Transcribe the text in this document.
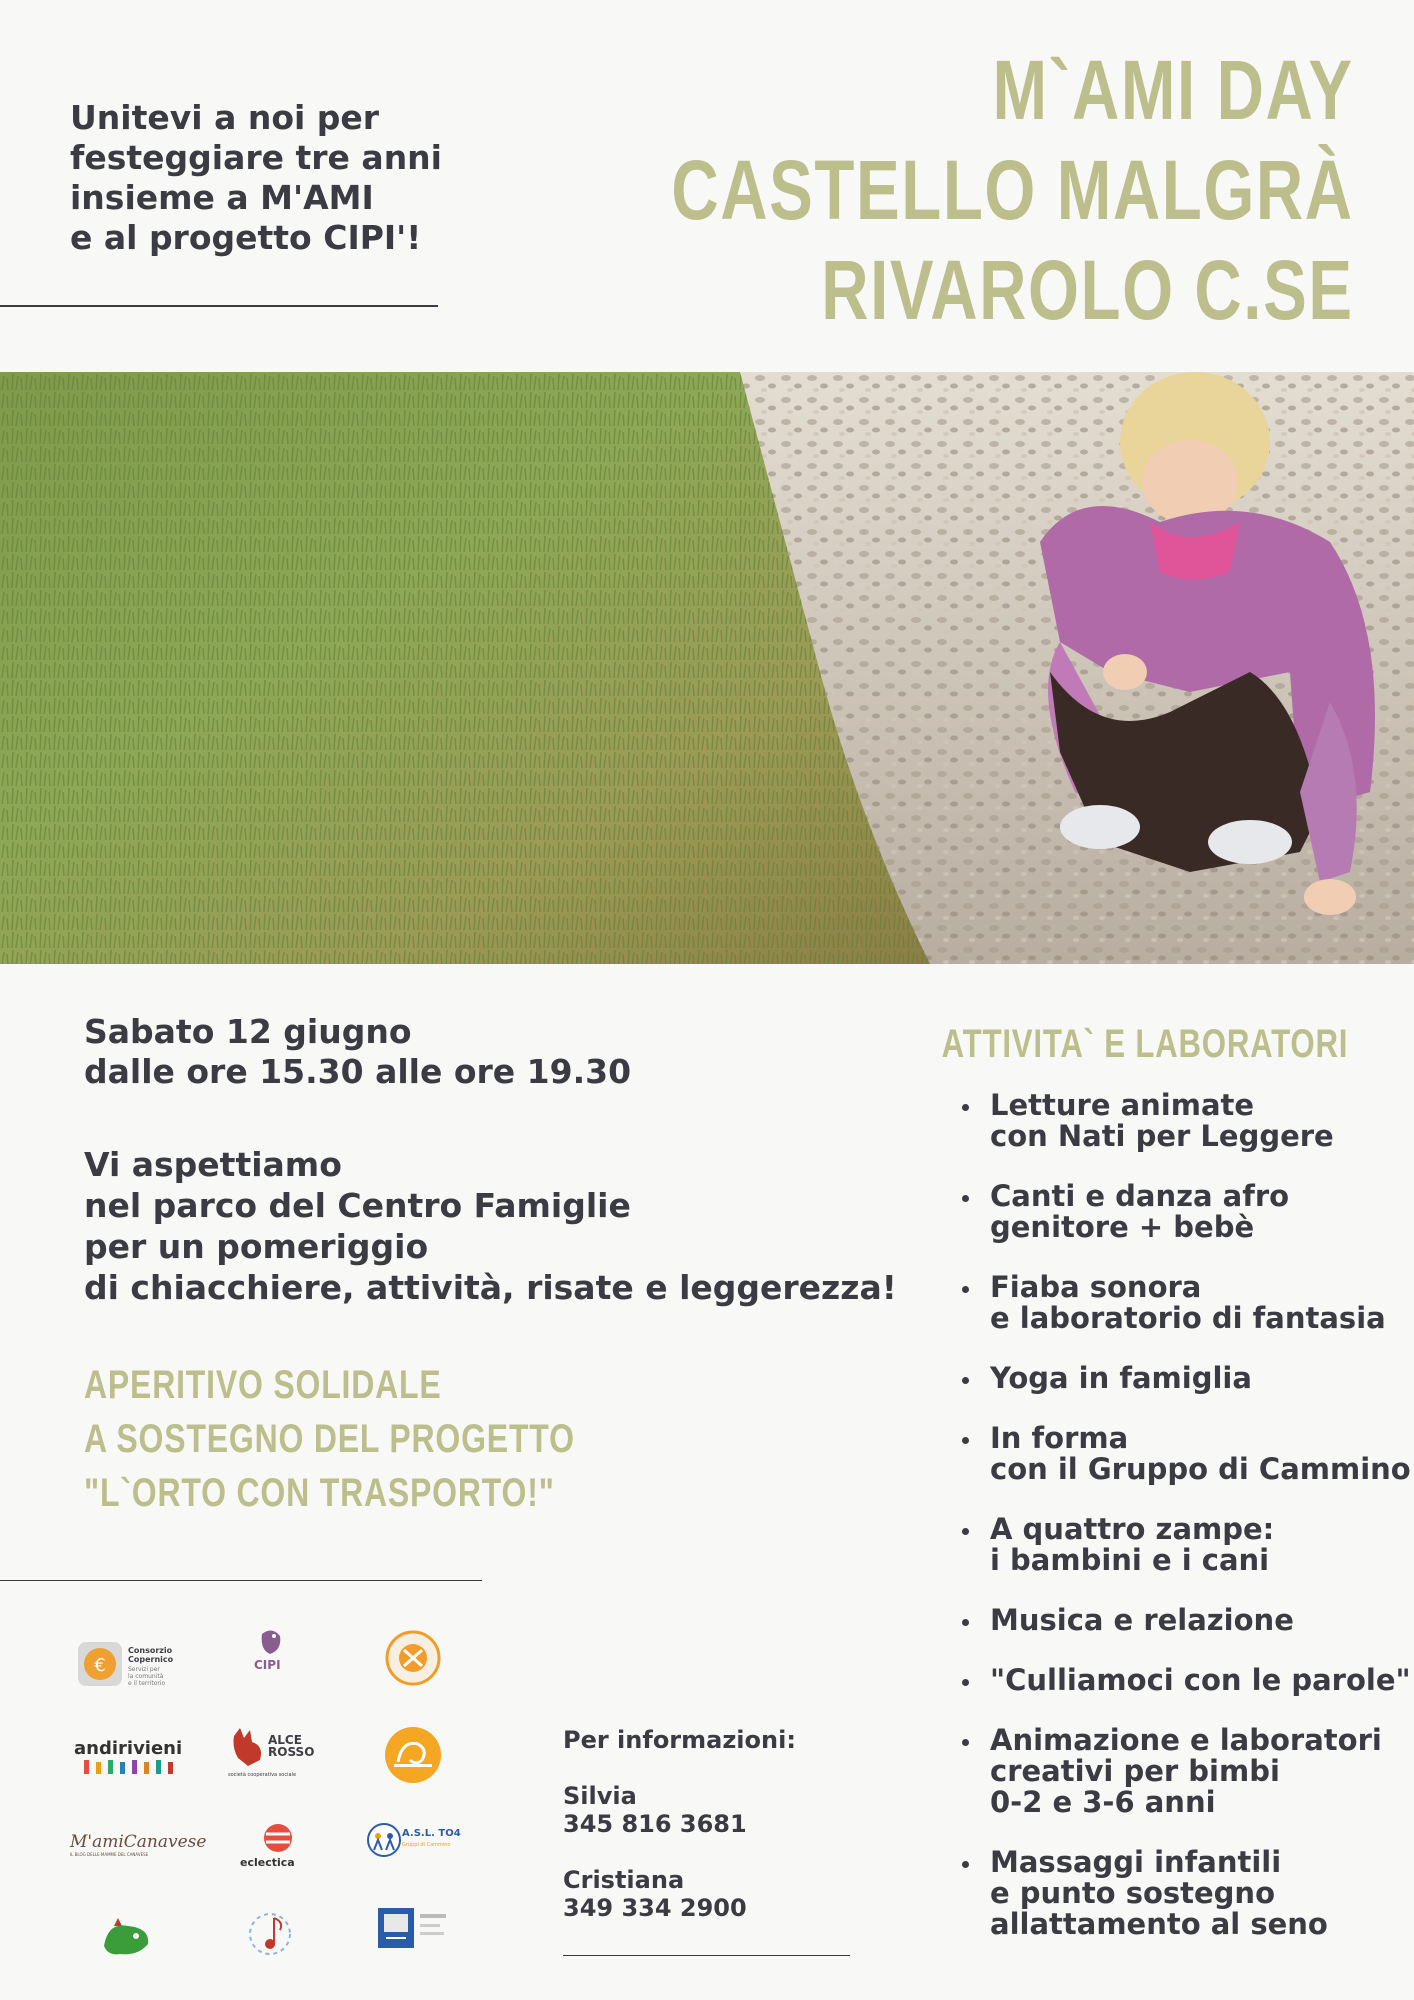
Unitevi a noi per
festeggiare tre anni
insieme a M'AMI
e al progetto CIPI'!
M`AMI DAY
CASTELLO MALGRÀ
RIVAROLO C.SE
Sabato 12 giugno
dalle ore 15.30 alle ore 19.30
Vi aspettiamo
nel parco del Centro Famiglie
per un pomeriggio
di chiacchiere, attività, risate e leggerezza!
APERITIVO SOLIDALE
A SOSTEGNO DEL PROGETTO
"L`ORTO CON TRASPORTO!"
ATTIVITA` E LABORATORI
Letture animate
con Nati per Leggere
Canti e danza afro
genitore + bebè
Fiaba sonora
e laboratorio di fantasia
Yoga in famiglia
In forma
con il Gruppo di Cammino
A quattro zampe:
i bambini e i cani
Musica e relazione
"Culliamoci con le parole"
Animazione e laboratori
creativi per bimbi
0-2 e 3-6 anni
Massaggi infantili
e punto sostegno
allattamento al seno
Per informazioni:
Silvia
345 816 3681
Cristiana
349 334 2900
€
Consorzio Copernico
Servizi per
la comunità
e il territorio
CIPI
andirivieni	ALCE
ROSSO
società cooperativa sociale
M'amiCanavese
IL BLOG DELLE MAMME DEL CANAVESE
eclectica
A.S.L. TO4
Gruppi di Cammino
